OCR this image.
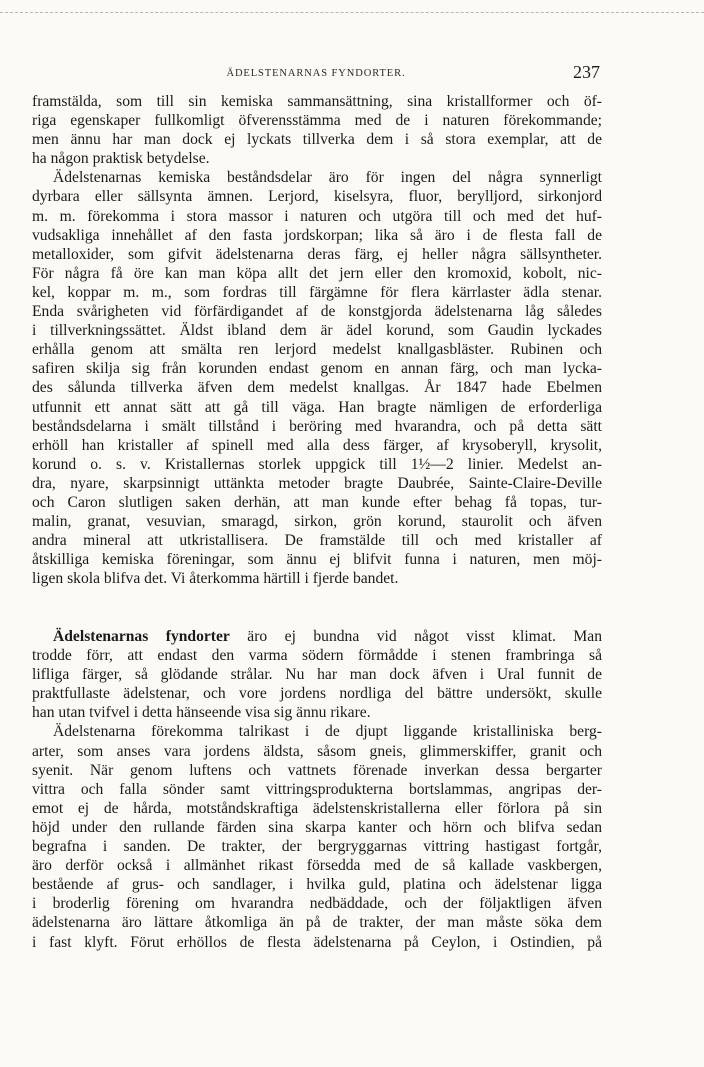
ÄDELSTENARNAS FYNDORTER.	237
framstälda, som till sin kemiska sammansättning, sina kristallformer och öf-
riga egenskaper fullkomligt öfverensstämma med de i naturen förekommande;
men ännu har man dock ej lyckats tillverka dem i så stora exemplar, att de
ha någon praktisk betydelse.
Ädelstenarnas kemiska beståndsdelar äro för ingen del några synnerligt
dyrbara eller sällsynta ämnen. Lerjord, kiselsyra, fluor, berylljord, sirkonjord
m. m. förekomma i stora massor i naturen och utgöra till och med det huf-
vudsakliga innehållet af den fasta jordskorpan; lika så äro i de flesta fall de
metalloxider, som gifvit ädelstenarna deras färg, ej heller några sällsyntheter.
För några få öre kan man köpa allt det jern eller den kromoxid, kobolt, nic-
kel, koppar m. m., som fordras till färgämne för flera kärrlaster ädla stenar.
Enda svårigheten vid förfärdigandet af de konstgjorda ädelstenarna låg således
i tillverkningssättet. Äldst ibland dem är ädel korund, som Gaudin lyckades
erhålla genom att smälta ren lerjord medelst knallgasbläster. Rubinen och
safiren skilja sig från korunden endast genom en annan färg, och man lycka-
des sålunda tillverka äfven dem medelst knallgas. År 1847 hade Ebelmen
utfunnit ett annat sätt att gå till väga. Han bragte nämligen de erforderliga
beståndsdelarna i smält tillstånd i beröring med hvarandra, och på detta sätt
erhöll han kristaller af spinell med alla dess färger, af krysoberyll, krysolit,
korund o. s. v. Kristallernas storlek uppgick till 1½—2 linier. Medelst an-
dra, nyare, skarpsinnigt uttänkta metoder bragte Daubrée, Sainte-Claire-Deville
och Caron slutligen saken derhän, att man kunde efter behag få topas, tur-
malin, granat, vesuvian, smaragd, sirkon, grön korund, staurolit och äfven
andra mineral att utkristallisera. De framstälde till och med kristaller af
åtskilliga kemiska föreningar, som ännu ej blifvit funna i naturen, men möj-
ligen skola blifva det. Vi återkomma härtill i fjerde bandet.
Ädelstenarnas fyndorter äro ej bundna vid något visst klimat. Man
trodde förr, att endast den varma södern förmådde i stenen frambringa så
lifliga färger, så glödande strålar. Nu har man dock äfven i Ural funnit de
praktfullaste ädelstenar, och vore jordens nordliga del bättre undersökt, skulle
han utan tvifvel i detta hänseende visa sig ännu rikare.
Ädelstenarna förekomma talrikast i de djupt liggande kristalliniska berg-
arter, som anses vara jordens äldsta, såsom gneis, glimmerskiffer, granit och
syenit. När genom luftens och vattnets förenade inverkan dessa bergarter
vittra och falla sönder samt vittringsprodukterna bortslammas, angripas der-
emot ej de hårda, motståndskraftiga ädelstenskristallerna eller förlora på sin
höjd under den rullande färden sina skarpa kanter och hörn och blifva sedan
begrafna i sanden. De trakter, der bergryggarnas vittring hastigast fortgår,
äro derför också i allmänhet rikast försedda med de så kallade vaskbergen,
bestående af grus- och sandlager, i hvilka guld, platina och ädelstenar ligga
i broderlig förening om hvarandra nedbäddade, och der följaktligen äfven
ädelstenarna äro lättare åtkomliga än på de trakter, der man måste söka dem
i fast klyft. Förut erhöllos de flesta ädelstenarna på Ceylon, i Ostindien, på
